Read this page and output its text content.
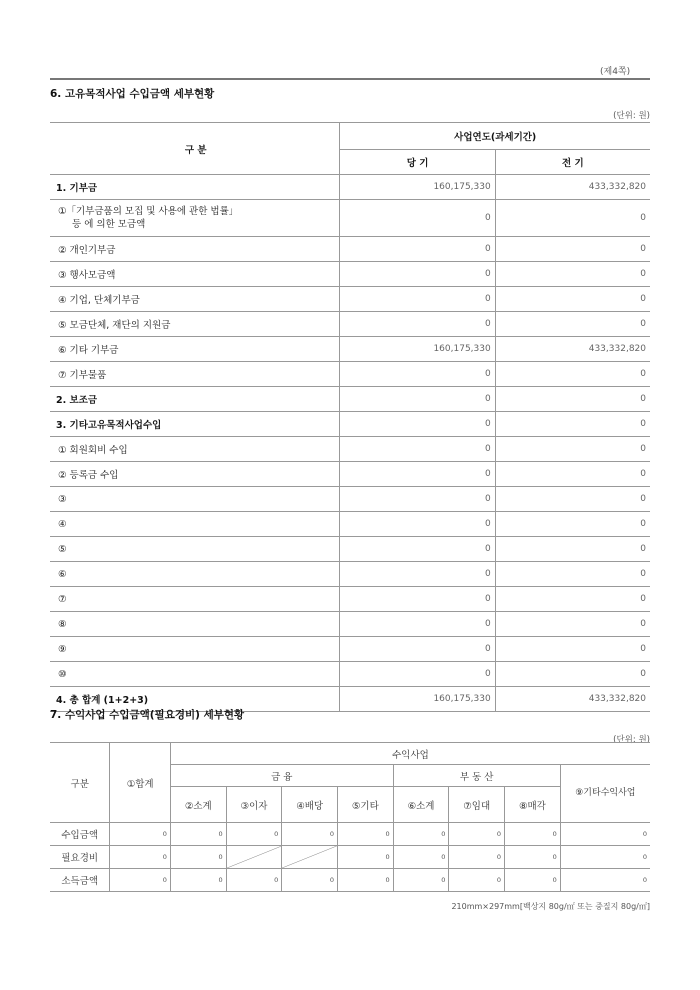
(제4쪽)
6. 고유목적사업 수입금액 세부현황
(단위: 원)
구 분	사업연도(과세기간)	
	당 기	전 기

1. 기부금	160,175,330	433,332,820

①「기부금품의 모집 및 사용에 관한 법률」
등 에 의한 모금액	0	0

② 개인기부금	0	0

③ 행사모금액	0	0

④ 기업, 단체기부금	0	0

⑤ 모금단체, 재단의 지원금	0	0

⑥ 기타 기부금	160,175,330	433,332,820

⑦ 기부물품	0	0

2. 보조금	0	0

3. 기타고유목적사업수입	0	0

① 회원회비 수입	0	0

② 등록금 수입	0	0

③	0	0

④	0	0

⑤	0	0

⑥	0	0

⑦	0	0

⑧	0	0

⑨	0	0

⑩	0	0

4. 총 합계 (1+2+3)	160,175,330	433,332,820
7. 수익사업 수입금액(필요경비) 세부현황
(단위: 원)
구분	①합계	수익사업							
		금 융				부 동 산			⑨기타수익사업
		②소계	③이자	④배당	⑤기타	⑥소계	⑦임대	⑧매각	
수입금액	0	0	0	0	0	0	0	0	0
필요경비	0	0			0	0	0	0	0
소득금액	0	0	0	0	0	0	0	0	0
210mm×297mm[백상지 80g/㎡ 또는 중질지 80g/㎡]
